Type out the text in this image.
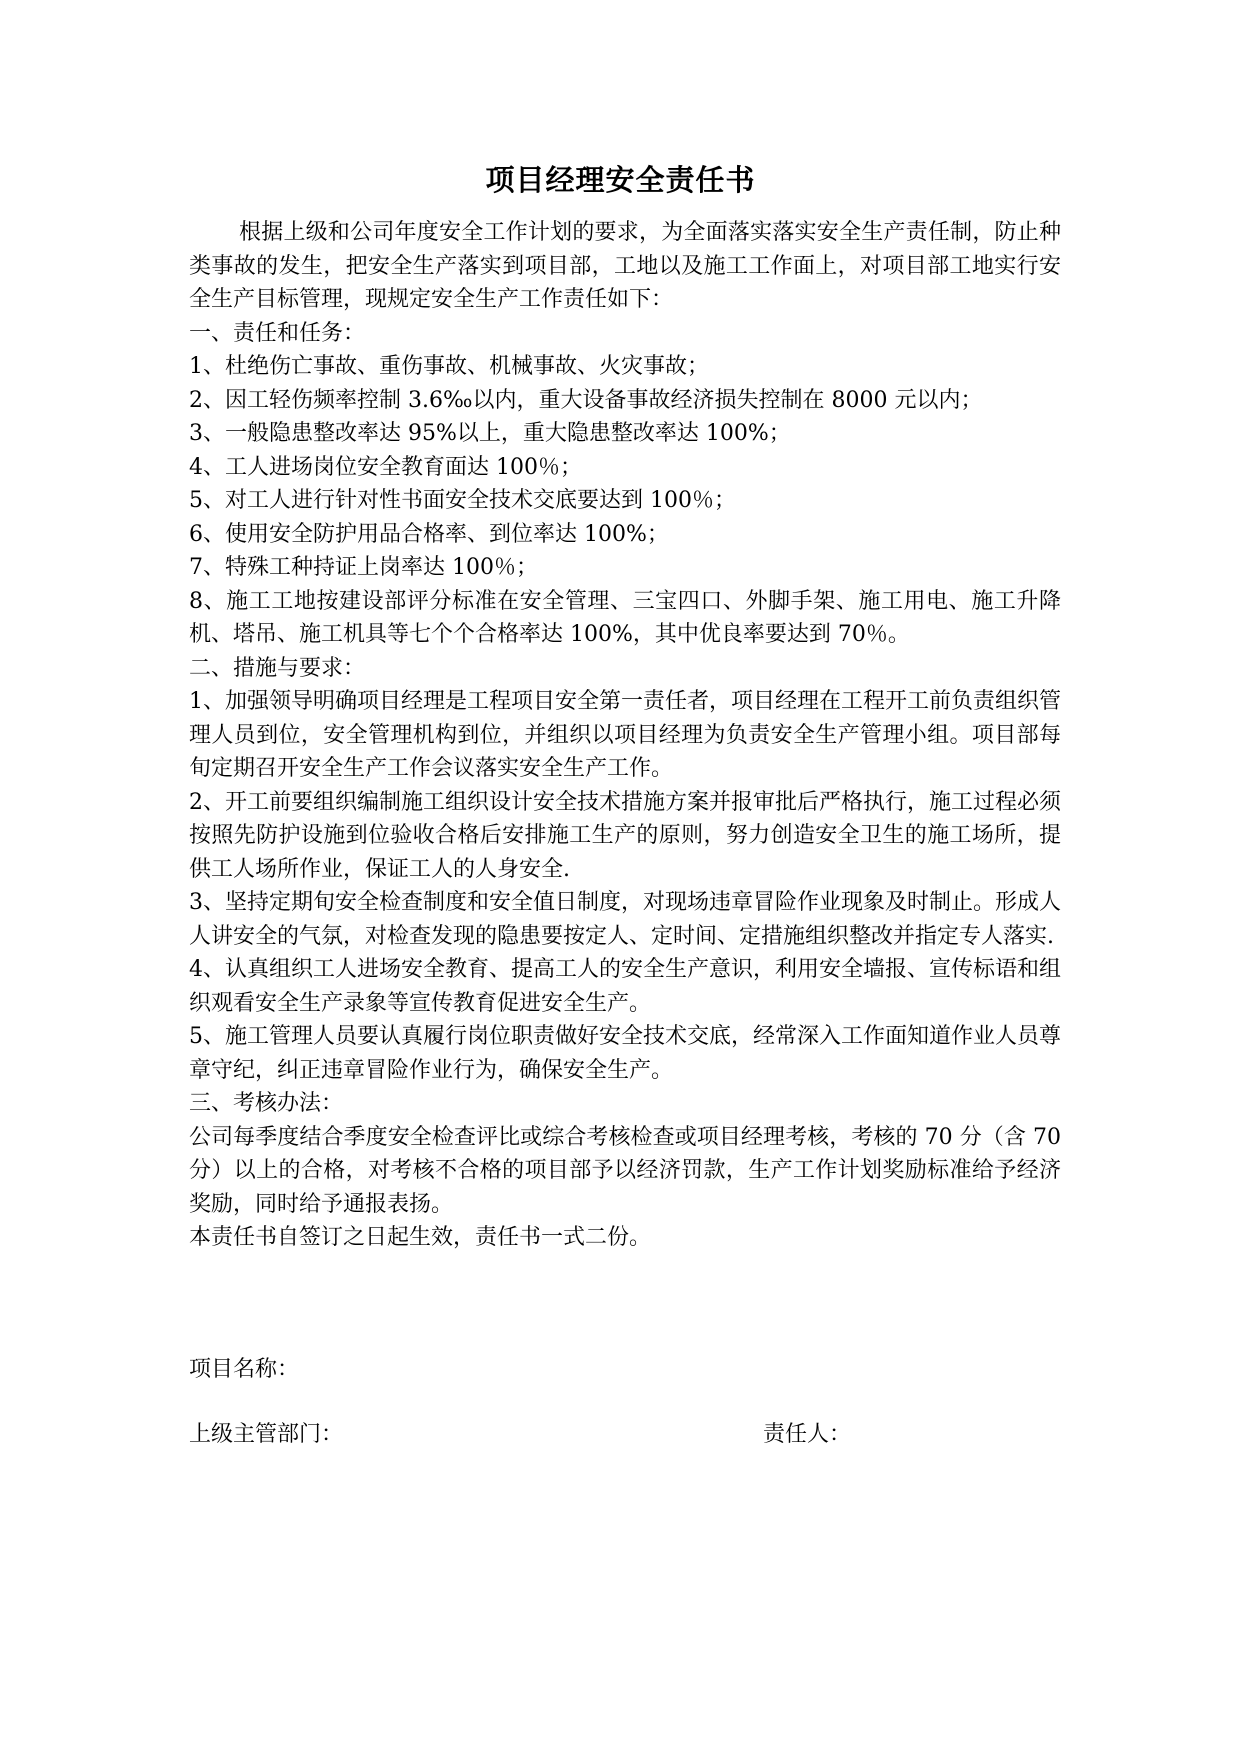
项目经理安全责任书

根据上级和公司年度安全工作计划的要求，为全面落实落实安全生产责任制，防止种类事故的发生，把安全生产落实到项目部，工地以及施工工作面上，对项目部工地实行安全生产目标管理，现规定安全生产工作责任如下：

一、责任和任务：

1、杜绝伤亡事故、重伤事故、机械事故、火灾事故；

2、因工轻伤频率控制 3.6‰以内，重大设备事故经济损失控制在 8000 元以内；

3、一般隐患整改率达 95%以上，重大隐患整改率达 100%；

4、工人进场岗位安全教育面达 100％；

5、对工人进行针对性书面安全技术交底要达到 100％；

6、使用安全防护用品合格率、到位率达 100%；

7、特殊工种持证上岗率达 100％；

8、施工工地按建设部评分标准在安全管理、三宝四口、外脚手架、施工用电、施工升降机、塔吊、施工机具等七个个合格率达 100%，其中优良率要达到 70％。

二、措施与要求：

1、加强领导明确项目经理是工程项目安全第一责任者，项目经理在工程开工前负责组织管理人员到位，安全管理机构到位，并组织以项目经理为负责安全生产管理小组。项目部每旬定期召开安全生产工作会议落实安全生产工作。

2、开工前要组织编制施工组织设计安全技术措施方案并报审批后严格执行，施工过程必须按照先防护设施到位验收合格后安排施工生产的原则，努力创造安全卫生的施工场所，提供工人场所作业，保证工人的人身安全.

3、坚持定期旬安全检查制度和安全值日制度，对现场违章冒险作业现象及时制止。形成人人讲安全的气氛，对检查发现的隐患要按定人、定时间、定措施组织整改并指定专人落实.

4、认真组织工人进场安全教育、提高工人的安全生产意识，利用安全墙报、宣传标语和组织观看安全生产录象等宣传教育促进安全生产。

5、施工管理人员要认真履行岗位职责做好安全技术交底，经常深入工作面知道作业人员尊章守纪，纠正违章冒险作业行为，确保安全生产。

三、考核办法：

公司每季度结合季度安全检查评比或综合考核检查或项目经理考核，考核的 70 分（含 70 分）以上的合格，对考核不合格的项目部予以经济罚款，生产工作计划奖励标准给予经济奖励，同时给予通报表扬。

本责任书自签订之日起生效，责任书一式二份。

项目名称：
上级主管部门：	责任人：
